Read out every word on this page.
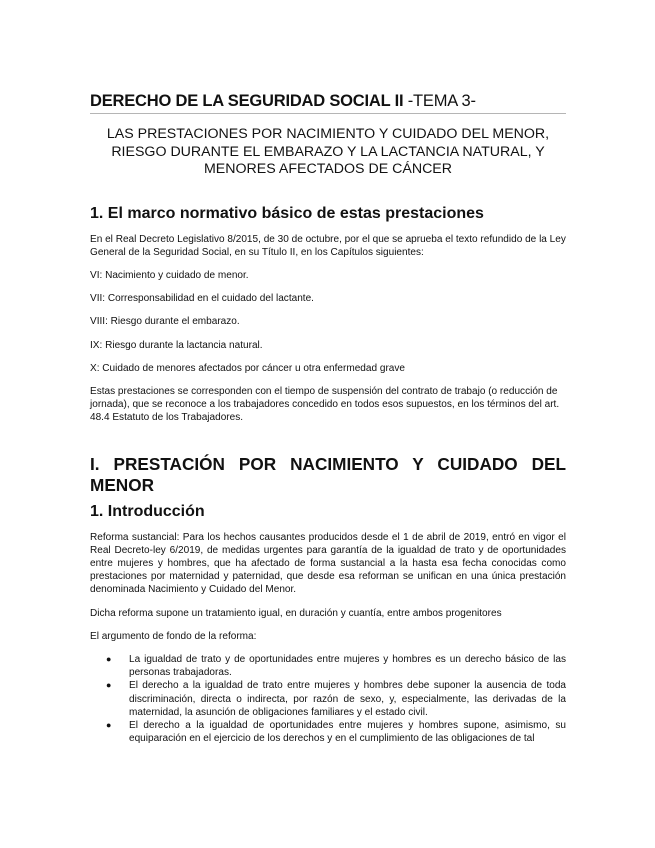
DERECHO DE LA SEGURIDAD SOCIAL II -TEMA 3-
LAS PRESTACIONES POR NACIMIENTO Y CUIDADO DEL MENOR, RIESGO DURANTE EL EMBARAZO Y LA LACTANCIA NATURAL, Y MENORES AFECTADOS DE CÁNCER
1. El marco normativo básico de estas prestaciones

En el Real Decreto Legislativo 8/2015, de 30 de octubre, por el que se aprueba el texto refundido de la Ley General de la Seguridad Social, en su Título II, en los Capítulos siguientes:

VI: Nacimiento y cuidado de menor.

VII: Corresponsabilidad en el cuidado del lactante.

VIII: Riesgo durante el embarazo.

IX: Riesgo durante la lactancia natural.

X: Cuidado de menores afectados por cáncer u otra enfermedad grave

Estas prestaciones se corresponden con el tiempo de suspensión del contrato de trabajo (o reducción de jornada), que se reconoce a los trabajadores concedido en todos esos supuestos, en los términos del art. 48.4 Estatuto de los Trabajadores.

I. PRESTACIÓN POR NACIMIENTO Y CUIDADO DEL
MENOR
1. Introducción

Reforma sustancial: Para los hechos causantes producidos desde el 1 de abril de 2019, entró en vigor el Real Decreto-ley 6/2019, de medidas urgentes para garantía de la igualdad de trato y de oportunidades entre mujeres y hombres, que ha afectado de forma sustancial a la hasta esa fecha conocidas como prestaciones por maternidad y paternidad, que desde esa reforman se unifican en una única prestación denominada Nacimiento y Cuidado del Menor.

Dicha reforma supone un tratamiento igual, en duración y cuantía, entre ambos progenitores

El argumento de fondo de la reforma:

● La igualdad de trato y de oportunidades entre mujeres y hombres es un derecho básico de las personas trabajadoras.
● El derecho a la igualdad de trato entre mujeres y hombres debe suponer la ausencia de toda discriminación, directa o indirecta, por razón de sexo, y, especialmente, las derivadas de la maternidad, la asunción de obligaciones familiares y el estado civil.
● El derecho a la igualdad de oportunidades entre mujeres y hombres supone, asimismo, su equiparación en el ejercicio de los derechos y en el cumplimiento de las obligaciones de tal
